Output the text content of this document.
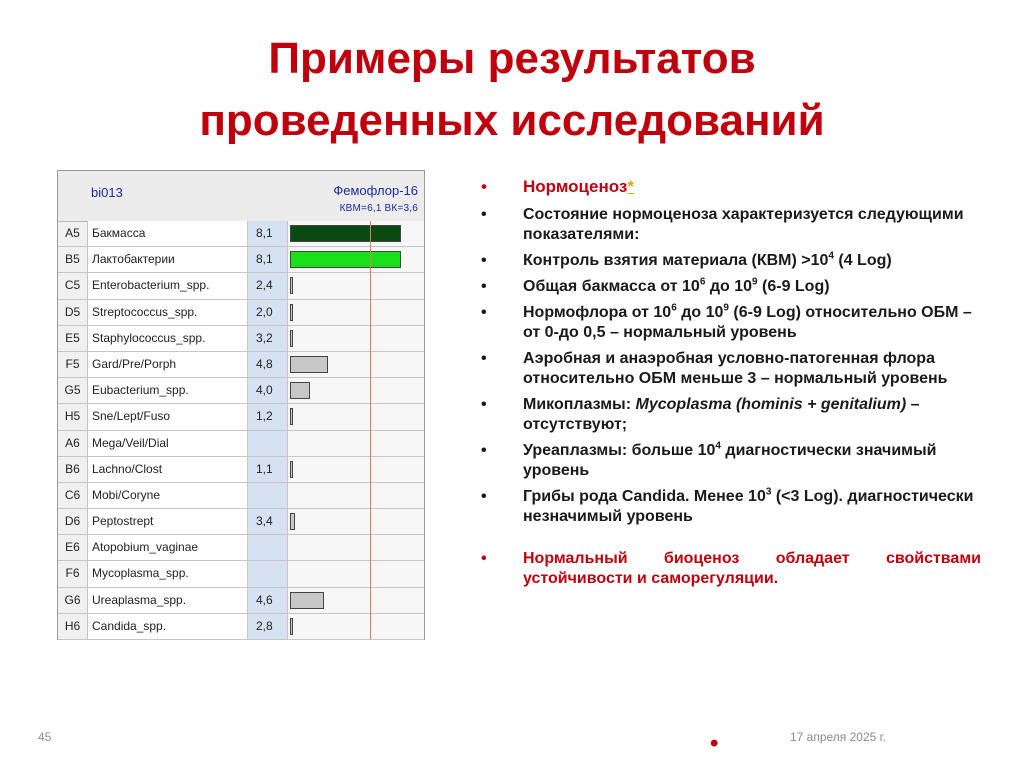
Примеры результатов
проведенных исследований
bi013	Фемофлор-16
КВМ=6,1 ВК=3,6
A5	Бакмасса	8,1
B5	Лактобактерии	8,1
C5 Enterobacterium_spp.	2,4
D5 Streptococcus_spp.	2,0
E5	Staphylococcus_spp.	3,2
F5	Gard/Pre/Porph	4,8
G5 Eubacterium_spp.	4,0
H5 Sne/Lept/Fuso	1,2
A6	Mega/Veil/Dial
B6	Lachno/Clost	1,1
C6 Mobi/Coryne
D6 Peptostrept	3,4
E6	Atopobium_vaginae
F6	Mycoplasma_spp.
G6 Ureaplasma_spp.	4,6
H6 Candida_spp.	2,8
• Нормоценоз*
• Состояние нормоценоза характеризуется следующими показателями:
• Контроль взятия материала $(КВМ) >10^4$ (4 Log)
• Общая бакмасса от $10^6$ до $10^9$ (6-9 Log)
• Нормофлора от $10^6$ до $10^9$ (6-9 Log) относительно ОБМ – от 0-до 0,5 – нормальный уровень
• Аэробная и анаэробная условно-патогенная флора относительно ОБМ меньше 3 – нормальный уровень
• Микоплазмы: Mycoplasma (hominis + genitalium) – отсутствуют;
• Уреаплазмы: больше $10^4$ диагностически значимый уровень
• Грибы рода Candida. Менее $10^3$ (<3 Log). диагностически незначимый уровень
• Нормальный биоценоз обладает свойствами устойчивости и саморегуляции.
•
45	17 апреля 2025 г.
